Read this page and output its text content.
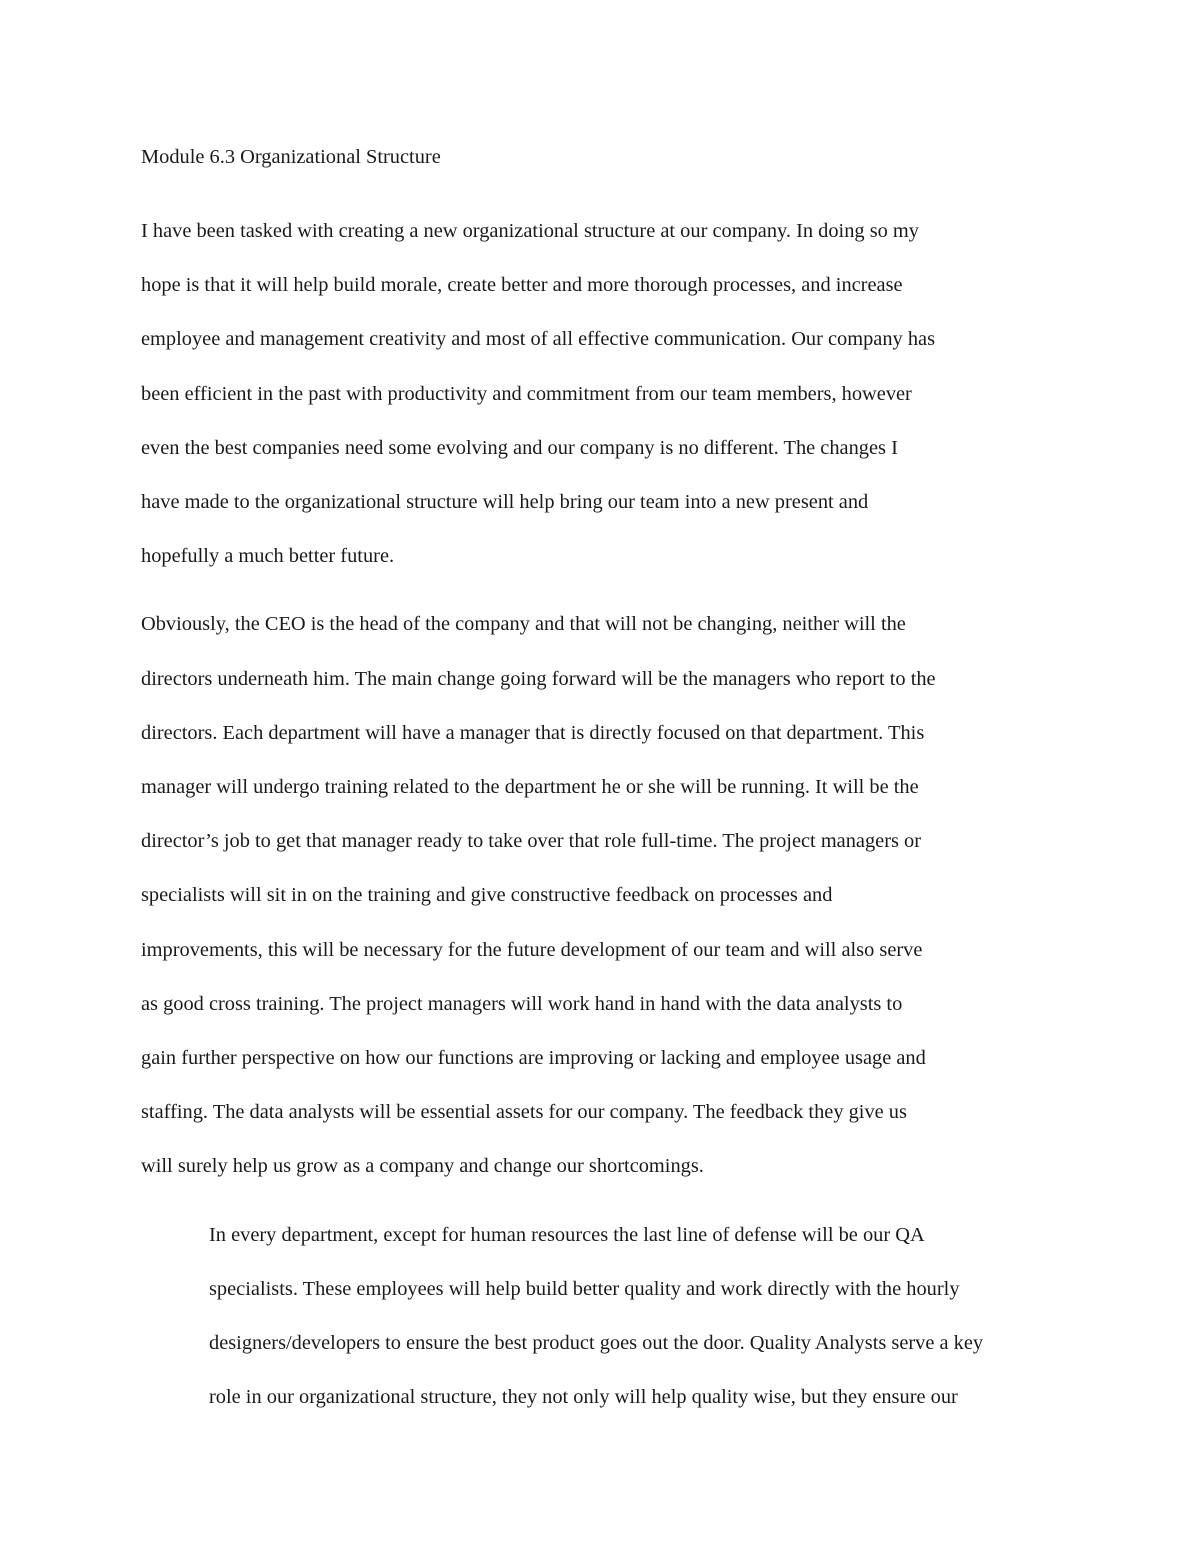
Module 6.3 Organizational Structure

I have been tasked with creating a new organizational structure at our company. In doing so my
hope is that it will help build morale, create better and more thorough processes, and increase
employee and management creativity and most of all effective communication. Our company has
been efficient in the past with productivity and commitment from our team members, however
even the best companies need some evolving and our company is no different. The changes I
have made to the organizational structure will help bring our team into a new present and
hopefully a much better future.

Obviously, the CEO is the head of the company and that will not be changing, neither will the
directors underneath him. The main change going forward will be the managers who report to the
directors. Each department will have a manager that is directly focused on that department. This
manager will undergo training related to the department he or she will be running. It will be the
director’s job to get that manager ready to take over that role full-time. The project managers or
specialists will sit in on the training and give constructive feedback on processes and
improvements, this will be necessary for the future development of our team and will also serve
as good cross training. The project managers will work hand in hand with the data analysts to
gain further perspective on how our functions are improving or lacking and employee usage and
staffing. The data analysts will be essential assets for our company. The feedback they give us
will surely help us grow as a company and change our shortcomings.

In every department, except for human resources the last line of defense will be our QA
specialists. These employees will help build better quality and work directly with the hourly
designers/developers to ensure the best product goes out the door. Quality Analysts serve a key
role in our organizational structure, they not only will help quality wise, but they ensure our
